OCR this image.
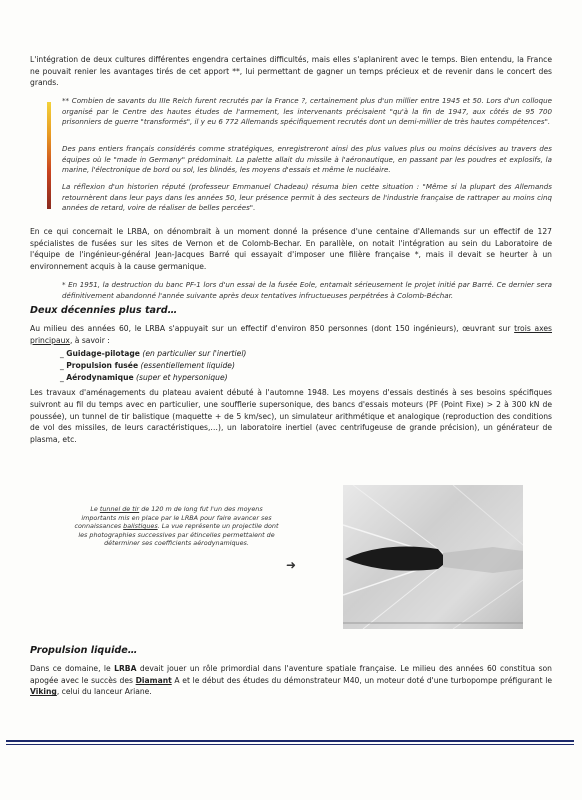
L'intégration de deux cultures différentes engendra certaines difficultés, mais elles s'aplanirent avec le temps. Bien entendu, la France ne pouvait renier les avantages tirés de cet apport **, lui permettant de gagner un temps précieux et de revenir dans le concert des grands.

** Combien de savants du IIIe Reich furent recrutés par la France ?, certainement plus d'un millier entre 1945 et 50. Lors d'un colloque organisé par le Centre des hautes études de l'armement, les intervenants précisaient "qu'à la fin de 1947, aux côtés de 95 700 prisonniers de guerre "transformés", il y eu 6 772 Allemands spécifiquement recrutés dont un demi-millier de très hautes compétences".

Des pans entiers français considérés comme stratégiques, enregistreront ainsi des plus values plus ou moins décisives au travers des équipes où le "made in Germany" prédominait. La palette allait du missile à l'aéronautique, en passant par les poudres et explosifs, la marine, l'électronique de bord ou sol, les blindés, les moyens d'essais et même le nucléaire.

La réflexion d'un historien réputé (professeur Emmanuel Chadeau) résuma bien cette situation : "Même si la plupart des Allemands retournèrent dans leur pays dans les années 50, leur présence permit à des secteurs de l'industrie française de rattraper au moins cinq années de retard, voire de réaliser de belles percées".

En ce qui concernait le LRBA, on dénombrait à un moment donné la présence d'une centaine d'Allemands sur un effectif de 127 spécialistes de fusées sur les sites de Vernon et de Colomb-Bechar. En parallèle, on notait l'intégration au sein du Laboratoire de l'équipe de l'ingénieur-général Jean-Jacques Barré qui essayait d'imposer une filière française *, mais il devait se heurter à un environnement acquis à la cause germanique.

* En 1951, la destruction du banc PF-1 lors d'un essai de la fusée Eole, entamait sérieusement le projet initié par Barré. Ce dernier sera définitivement abandonné l'année suivante après deux tentatives infructueuses perpétrées à Colomb-Béchar.

Deux décennies plus tard…

Au milieu des années 60, le LRBA s'appuyait sur un effectif d'environ 850 personnes (dont 150 ingénieurs), œuvrant sur trois axes principaux, à savoir :

_ Guidage-pilotage (en particulier sur l'inertiel)
_ Propulsion fusée (essentiellement liquide)
_ Aérodynamique (super et hypersonique)

Les travaux d'aménagements du plateau avaient débuté à l'automne 1948. Les moyens d'essais destinés à ses besoins spécifiques suivront au fil du temps avec en particulier, une soufflerie supersonique, des bancs d'essais moteurs (PF (Point Fixe) > 2 à 300 kN de poussée), un tunnel de tir balistique (maquette + de 5 km/sec), un simulateur arithmétique et analogique (reproduction des conditions de vol des missiles, de leurs caractéristiques,…), un laboratoire inertiel (avec centrifugeuse de grande précision), un générateur de plasma, etc.

Le tunnel de tir de 120 m de long fut l'un des moyens importants mis en place par le LRBA pour faire avancer ses connaissances balistiques. La vue représente un projectile dont les photographies successives par étincelles permettaient de déterminer ses coefficients aérodynamiques.
➜
Propulsion liquide…

Dans ce domaine, le LRBA devait jouer un rôle primordial dans l'aventure spatiale française. Le milieu des années 60 constitua son apogée avec le succès des Diamant A et le début des études du démonstrateur M40, un moteur doté d'une turbopompe préfigurant le Viking, celui du lanceur Ariane.
